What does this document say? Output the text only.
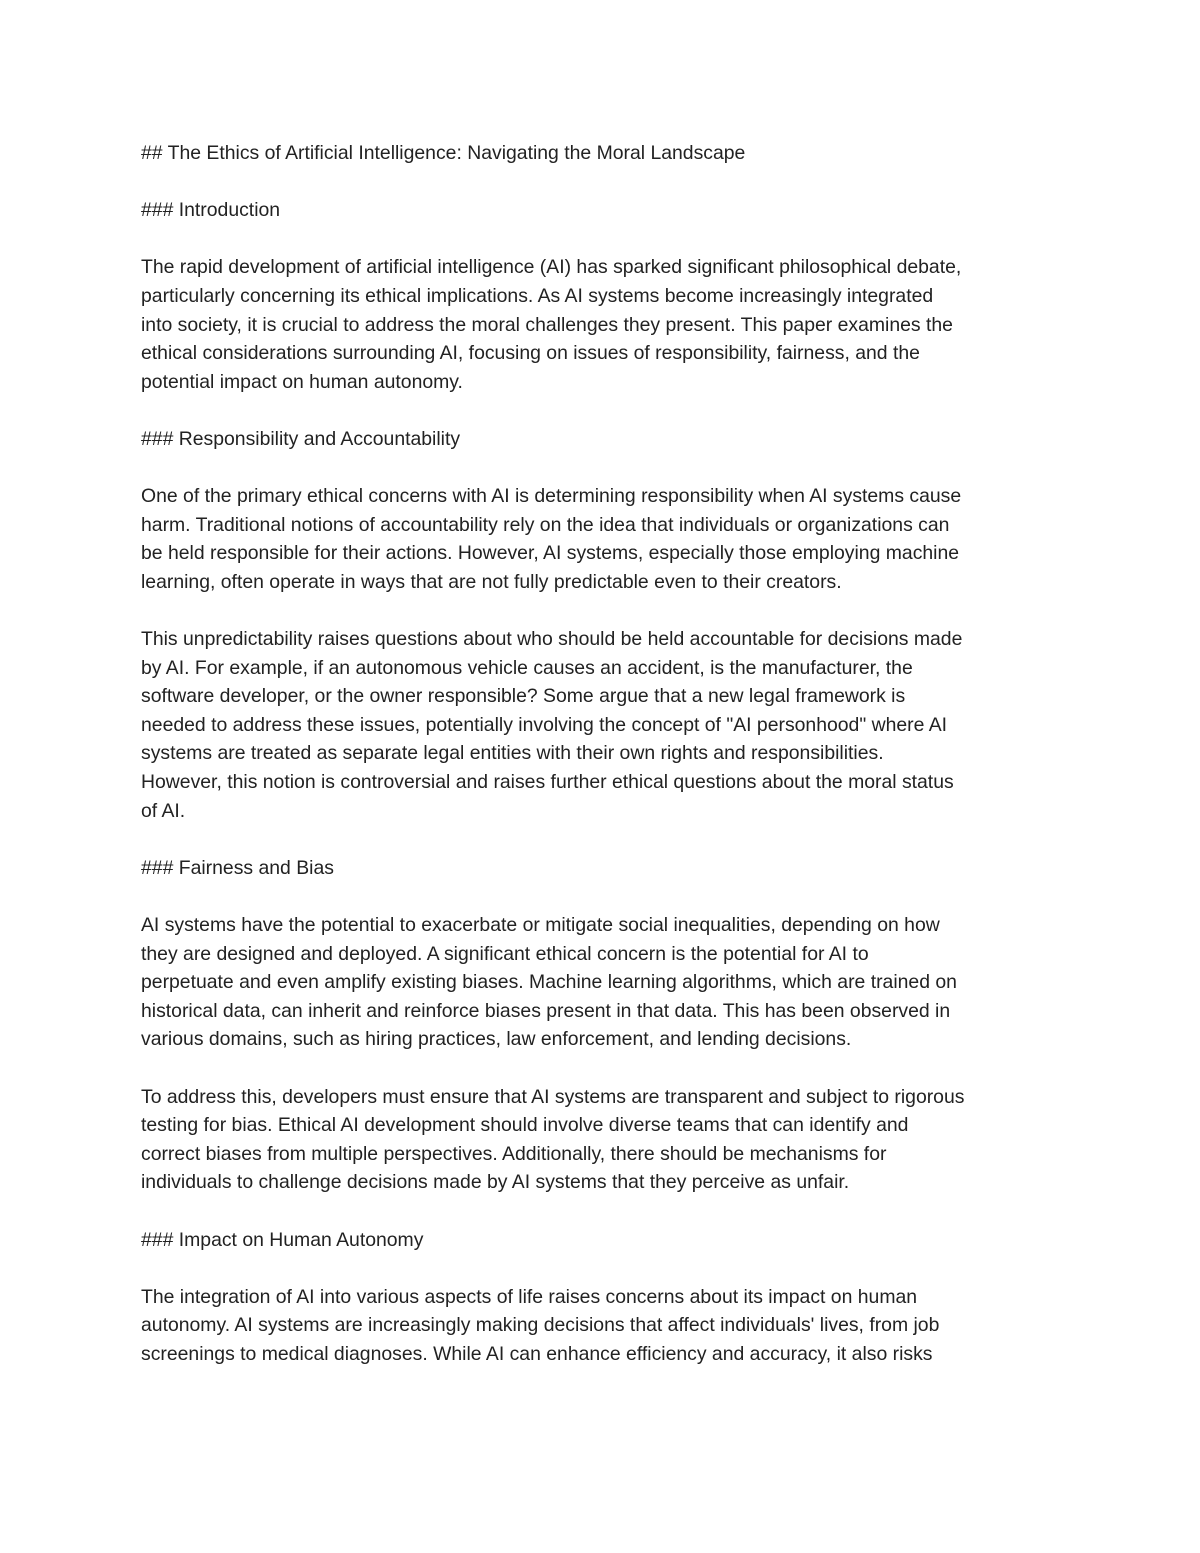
## The Ethics of Artificial Intelligence: Navigating the Moral Landscape

### Introduction

The rapid development of artificial intelligence (AI) has sparked significant philosophical debate,

particularly concerning its ethical implications. As AI systems become increasingly integrated

into society, it is crucial to address the moral challenges they present. This paper examines the

ethical considerations surrounding AI, focusing on issues of responsibility, fairness, and the

potential impact on human autonomy.

### Responsibility and Accountability

One of the primary ethical concerns with AI is determining responsibility when AI systems cause

harm. Traditional notions of accountability rely on the idea that individuals or organizations can

be held responsible for their actions. However, AI systems, especially those employing machine

learning, often operate in ways that are not fully predictable even to their creators.

This unpredictability raises questions about who should be held accountable for decisions made

by AI. For example, if an autonomous vehicle causes an accident, is the manufacturer, the

software developer, or the owner responsible? Some argue that a new legal framework is

needed to address these issues, potentially involving the concept of "AI personhood" where AI

systems are treated as separate legal entities with their own rights and responsibilities.

However, this notion is controversial and raises further ethical questions about the moral status

of AI.

### Fairness and Bias

AI systems have the potential to exacerbate or mitigate social inequalities, depending on how

they are designed and deployed. A significant ethical concern is the potential for AI to

perpetuate and even amplify existing biases. Machine learning algorithms, which are trained on

historical data, can inherit and reinforce biases present in that data. This has been observed in

various domains, such as hiring practices, law enforcement, and lending decisions.

To address this, developers must ensure that AI systems are transparent and subject to rigorous

testing for bias. Ethical AI development should involve diverse teams that can identify and

correct biases from multiple perspectives. Additionally, there should be mechanisms for

individuals to challenge decisions made by AI systems that they perceive as unfair.

### Impact on Human Autonomy

The integration of AI into various aspects of life raises concerns about its impact on human

autonomy. AI systems are increasingly making decisions that affect individuals' lives, from job

screenings to medical diagnoses. While AI can enhance efficiency and accuracy, it also risks
